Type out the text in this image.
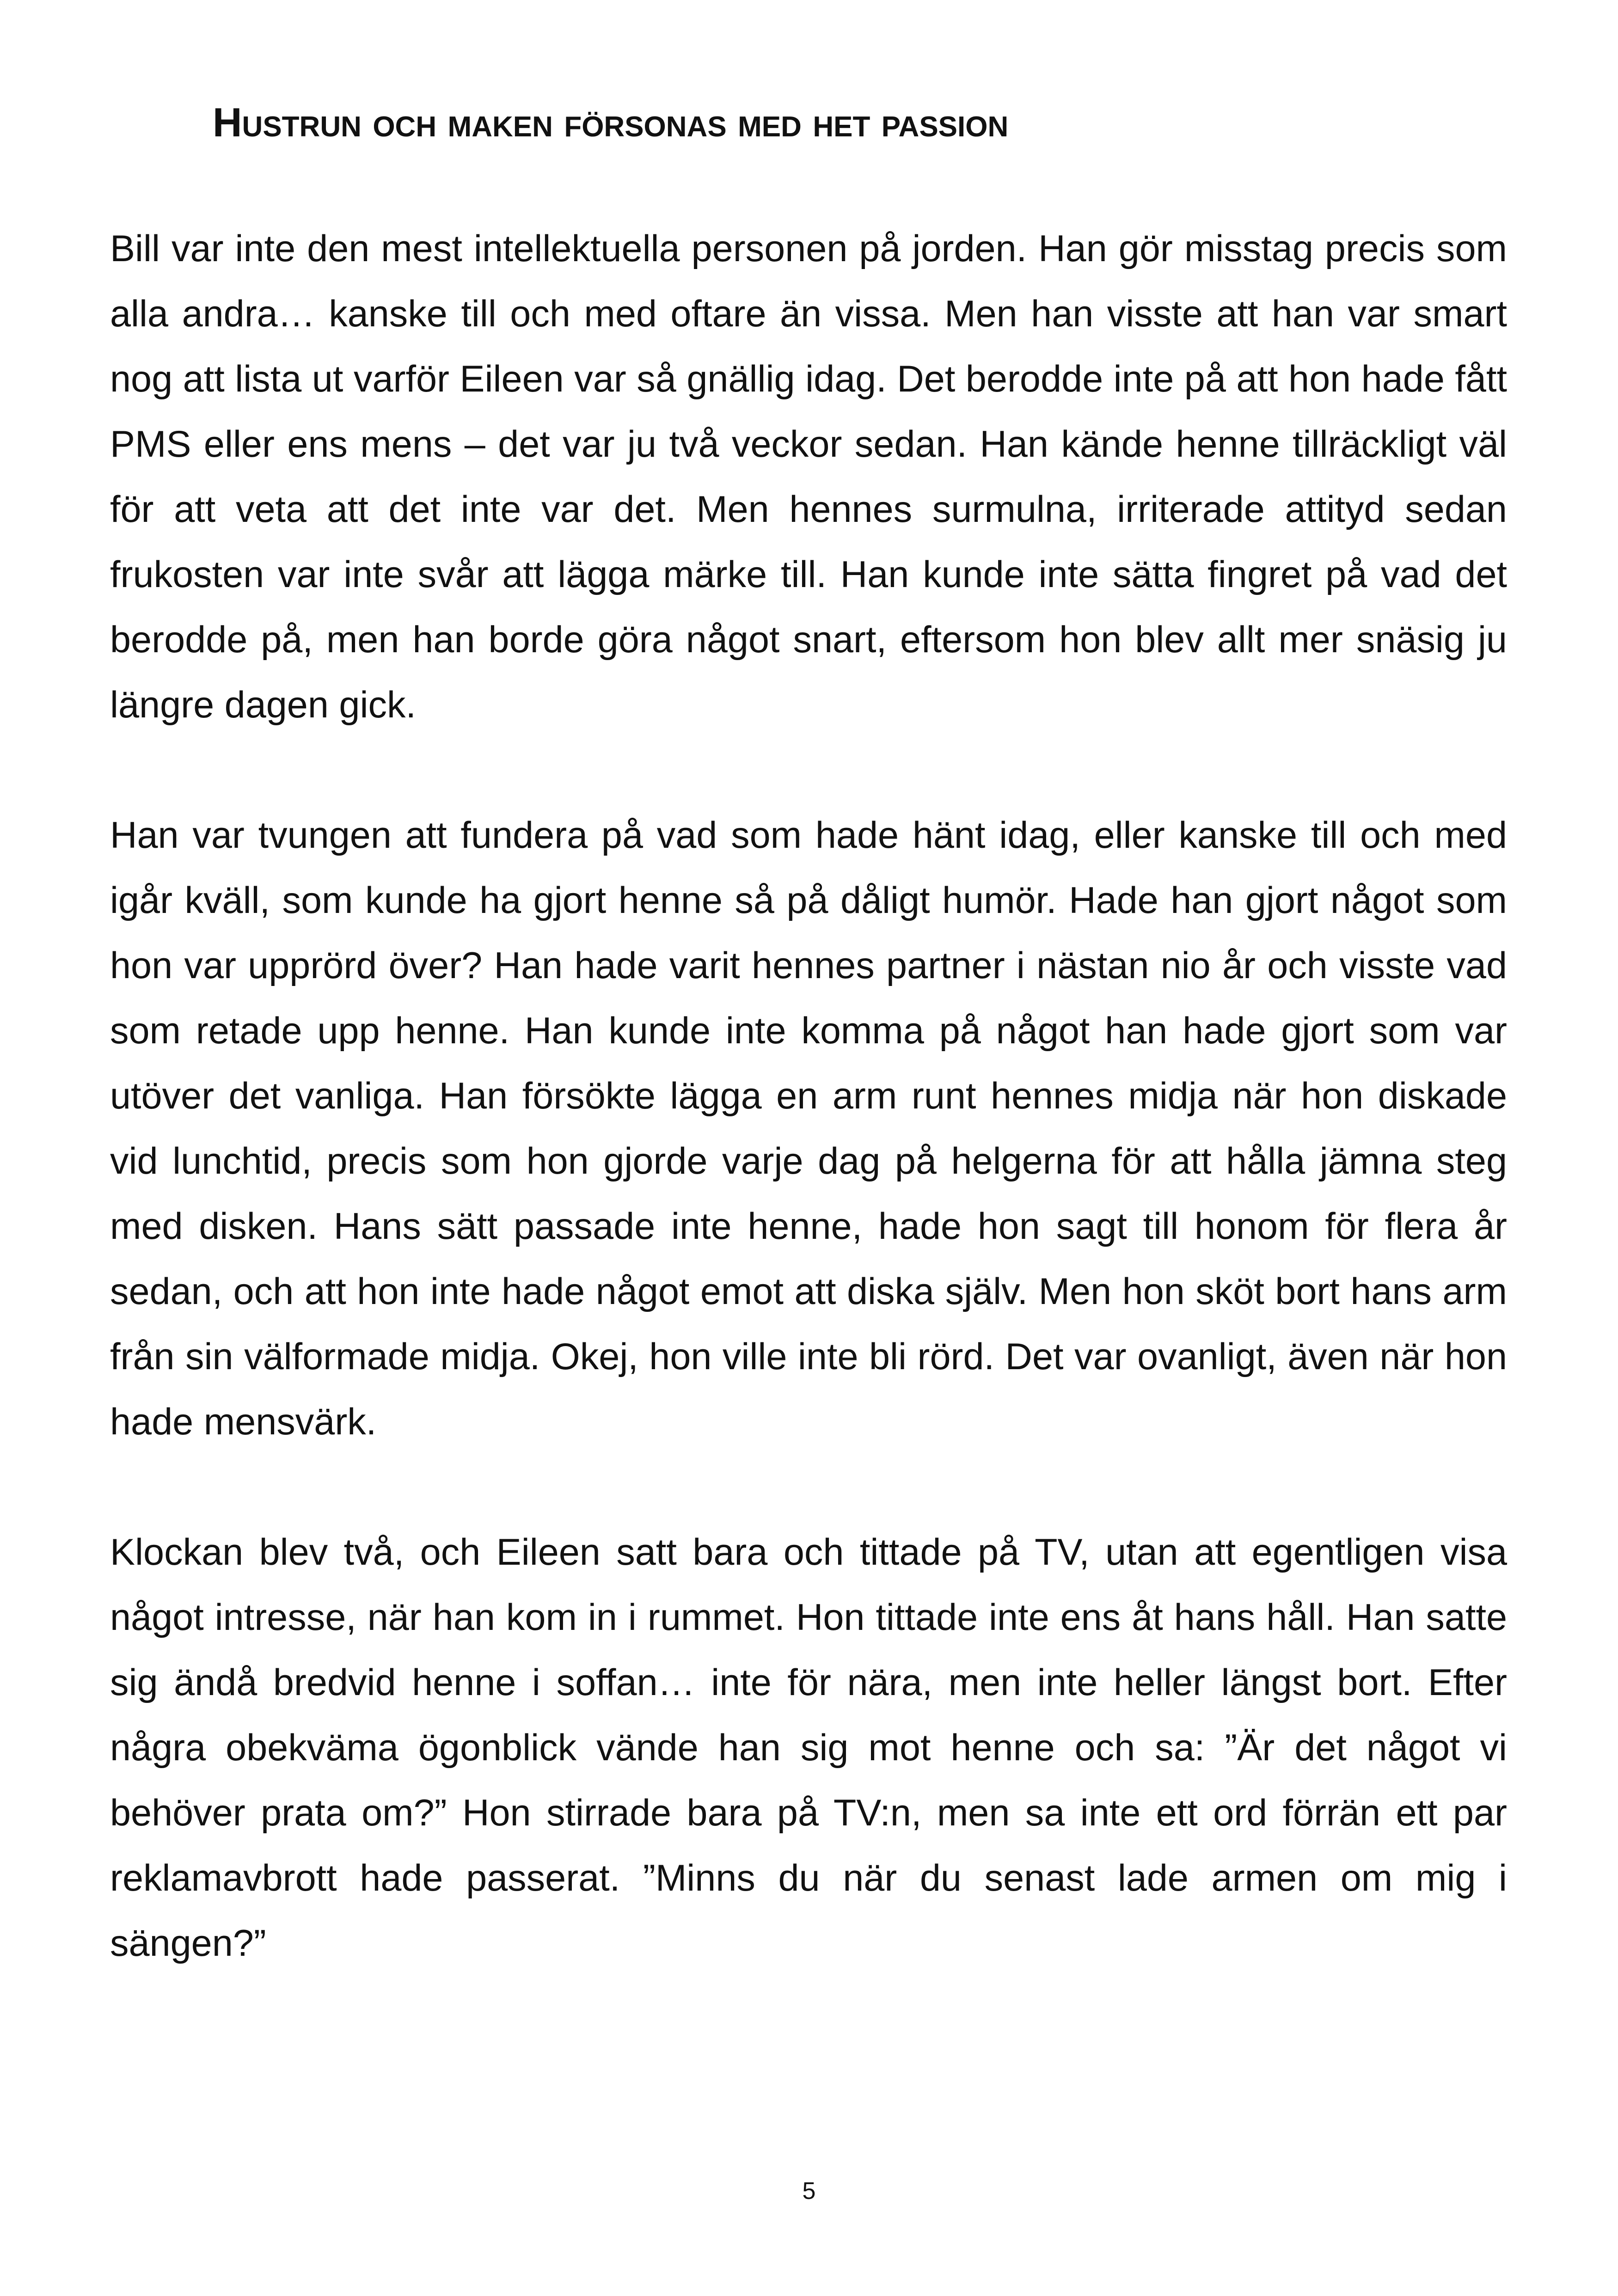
Hustrun och maken försonas med het passion

Bill var inte den mest intellektuella personen på jorden. Han gör misstag precis som alla andra… kanske till och med oftare än vissa. Men han visste att han var smart nog att lista ut varför Eileen var så gnällig idag. Det berodde inte på att hon hade fått PMS eller ens mens – det var ju två veckor sedan. Han kände henne tillräckligt väl för att veta att det inte var det. Men hennes surmulna, irriterade attityd sedan frukosten var inte svår att lägga märke till. Han kunde inte sätta fingret på vad det berodde på, men han borde göra något snart, eftersom hon blev allt mer snäsig ju längre dagen gick.

Han var tvungen att fundera på vad som hade hänt idag, eller kanske till och med igår kväll, som kunde ha gjort henne så på dåligt humör. Hade han gjort något som hon var upprörd över? Han hade varit hennes partner i nästan nio år och visste vad som retade upp henne. Han kunde inte komma på något han hade gjort som var utöver det vanliga. Han försökte lägga en arm runt hennes midja när hon diskade vid lunchtid, precis som hon gjorde varje dag på helgerna för att hålla jämna steg med disken. Hans sätt passade inte henne, hade hon sagt till honom för flera år sedan, och att hon inte hade något emot att diska själv. Men hon sköt bort hans arm från sin välformade midja. Okej, hon ville inte bli rörd. Det var ovanligt, även när hon hade mensvärk.

Klockan blev två, och Eileen satt bara och tittade på TV, utan att egentligen visa något intresse, när han kom in i rummet. Hon tittade inte ens åt hans håll. Han satte sig ändå bredvid henne i soffan… inte för nära, men inte heller längst bort. Efter några obekväma ögonblick vände han sig mot henne och sa: ”Är det något vi behöver prata om?” Hon stirrade bara på TV:n, men sa inte ett ord förrän ett par reklamavbrott hade passerat. ”Minns du när du senast lade armen om mig i sängen?”

5
